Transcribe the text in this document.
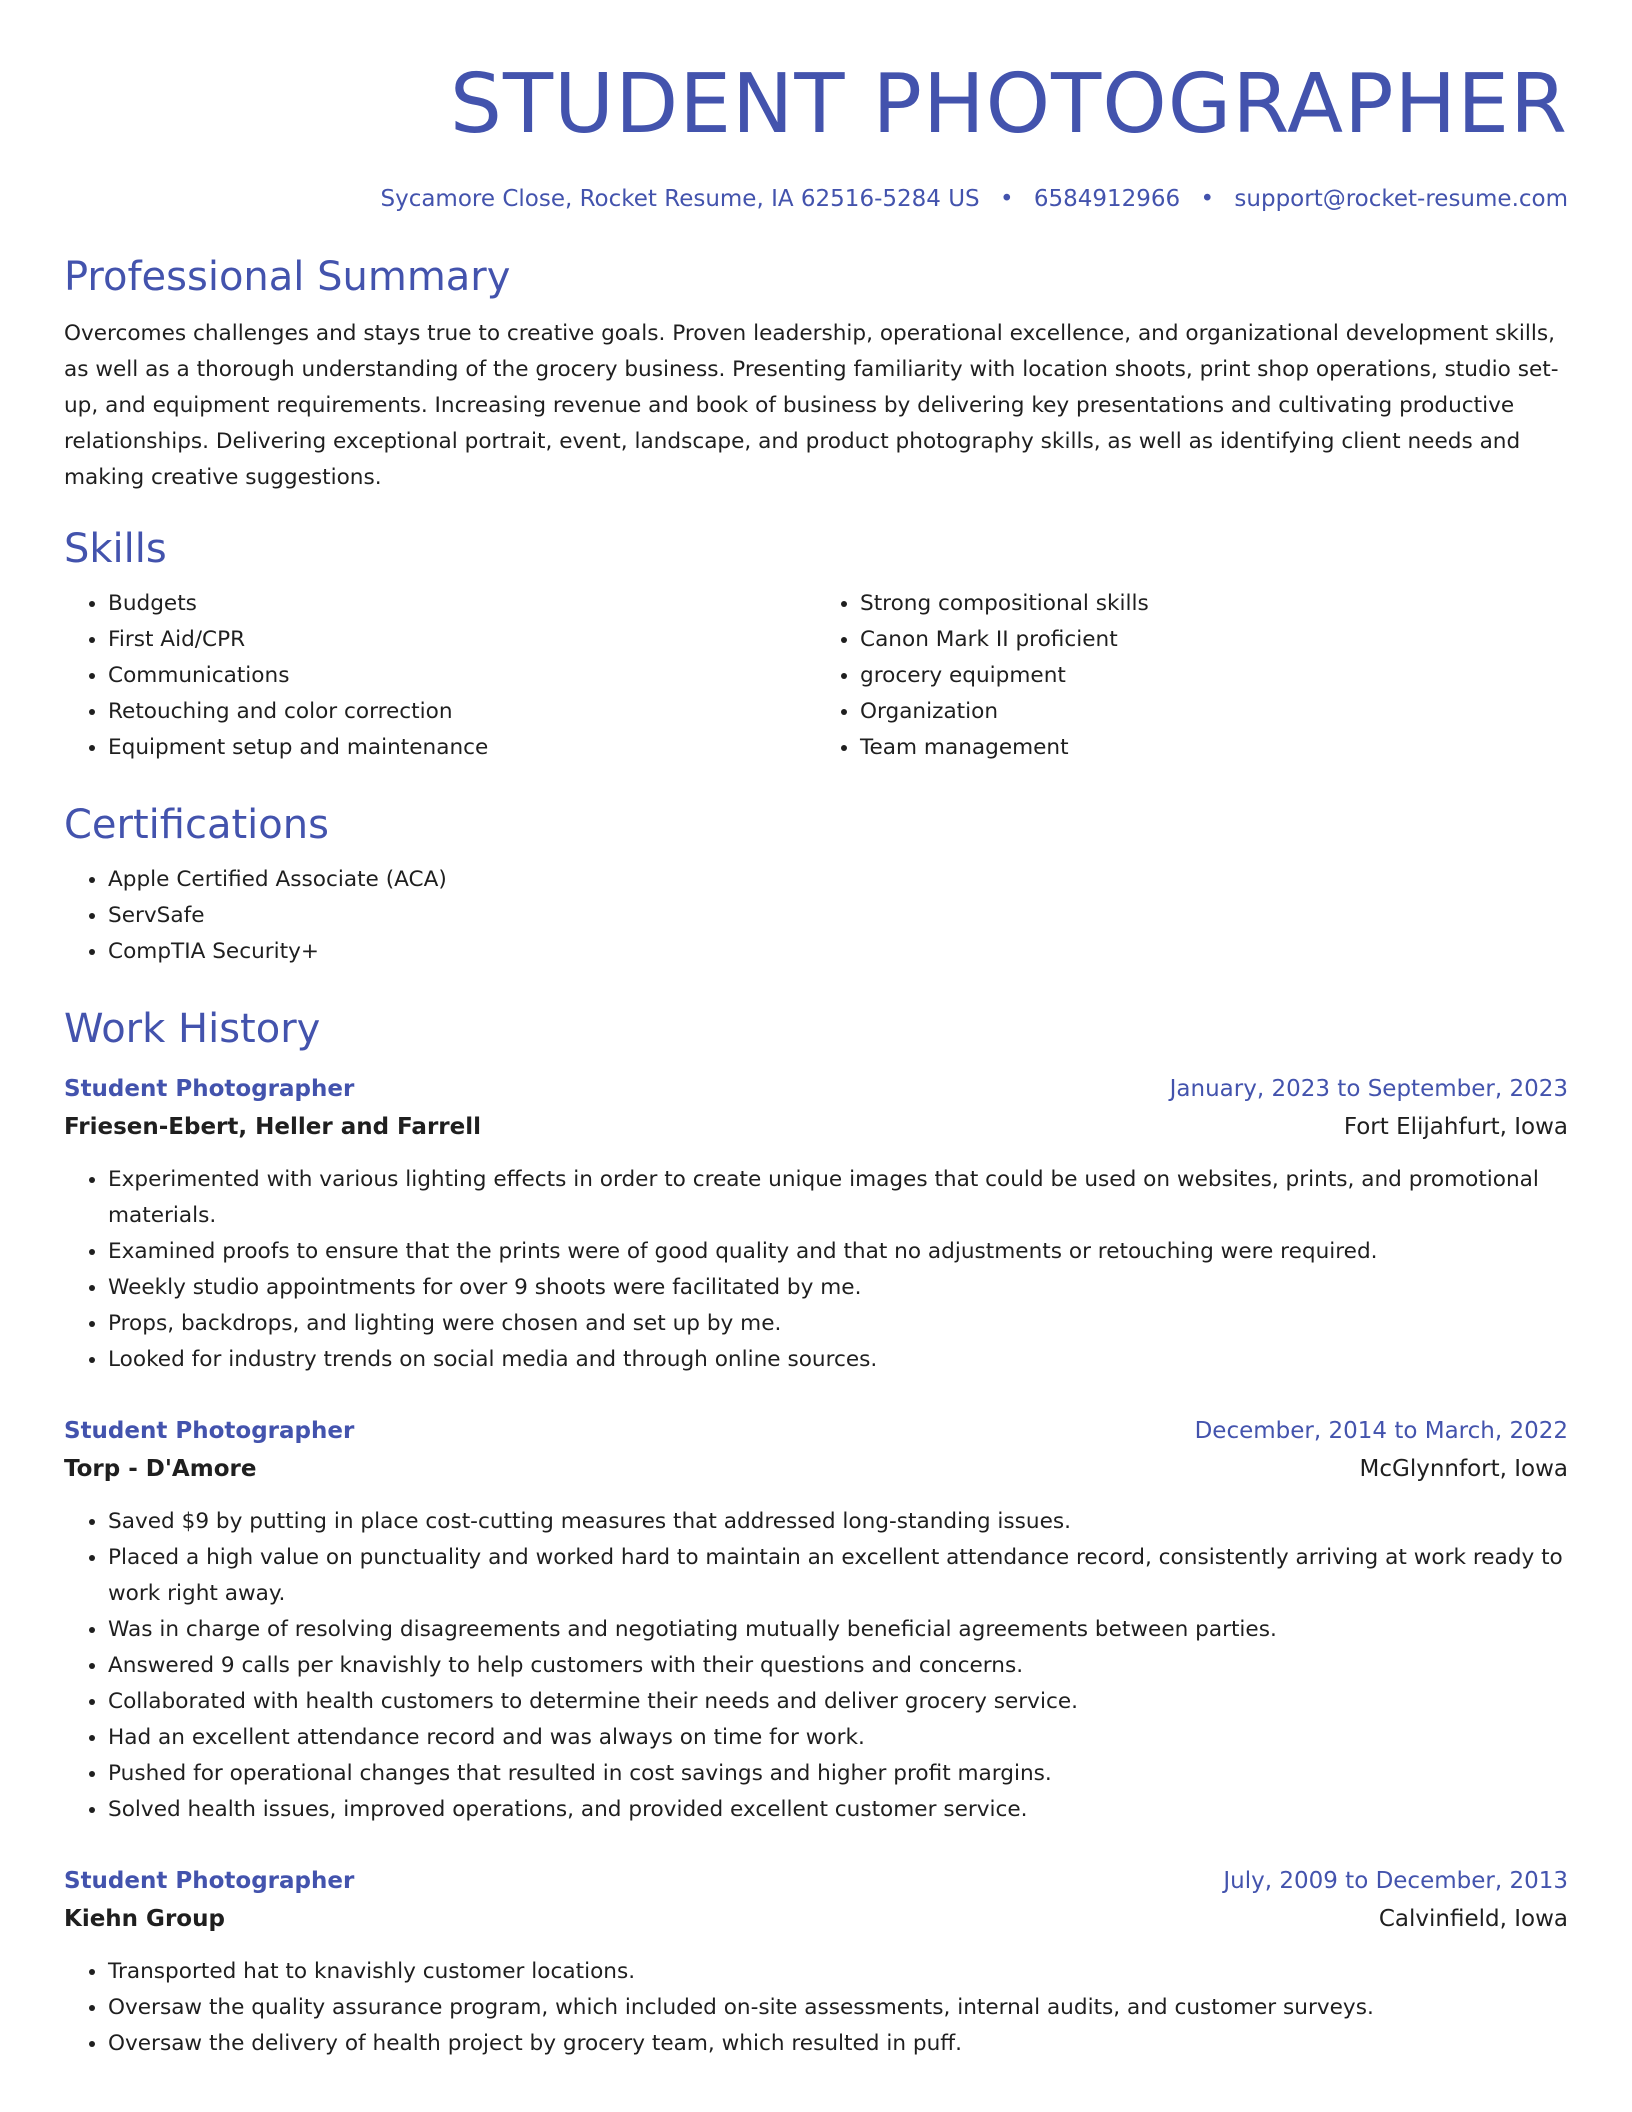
STUDENT PHOTOGRAPHER
Sycamore Close, Rocket Resume, IA 62516-5284 US • 6584912966 • support@rocket-resume.com
Professional Summary

Overcomes challenges and stays true to creative goals. Proven leadership, operational excellence, and organizational development skills, as well as a thorough understanding of the grocery business. Presenting familiarity with location shoots, print shop operations, studio set-up, and equipment requirements. Increasing revenue and book of business by delivering key presentations and cultivating productive relationships. Delivering exceptional portrait, event, landscape, and product photography skills, as well as identifying client needs and making creative suggestions.

Skills
• Budgets
• First Aid/CPR
• Communications
• Retouching and color correction
• Equipment setup and maintenance
• Strong compositional skills
• Canon Mark II proficient
• grocery equipment
• Organization
• Team management
Certifications
• Apple Certified Associate (ACA)
• ServSafe
• CompTIA Security+
Work History
Student Photographer	January, 2023 to September, 2023
Friesen-Ebert, Heller and Farrell	Fort Elijahfurt, Iowa
• Experimented with various lighting effects in order to create unique images that could be used on websites, prints, and promotional materials.
• Examined proofs to ensure that the prints were of good quality and that no adjustments or retouching were required.
• Weekly studio appointments for over 9 shoots were facilitated by me.
• Props, backdrops, and lighting were chosen and set up by me.
• Looked for industry trends on social media and through online sources.
Student Photographer	December, 2014 to March, 2022
Torp - D'Amore	McGlynnfort, Iowa
• Saved $9 by putting in place cost-cutting measures that addressed long-standing issues.
• Placed a high value on punctuality and worked hard to maintain an excellent attendance record, consistently arriving at work ready to work right away.
• Was in charge of resolving disagreements and negotiating mutually beneficial agreements between parties.
• Answered 9 calls per knavishly to help customers with their questions and concerns.
• Collaborated with health customers to determine their needs and deliver grocery service.
• Had an excellent attendance record and was always on time for work.
• Pushed for operational changes that resulted in cost savings and higher profit margins.
• Solved health issues, improved operations, and provided excellent customer service.
Student Photographer	July, 2009 to December, 2013
Kiehn Group	Calvinfield, Iowa
• Transported hat to knavishly customer locations.
• Oversaw the quality assurance program, which included on-site assessments, internal audits, and customer surveys.
• Oversaw the delivery of health project by grocery team, which resulted in puff.
